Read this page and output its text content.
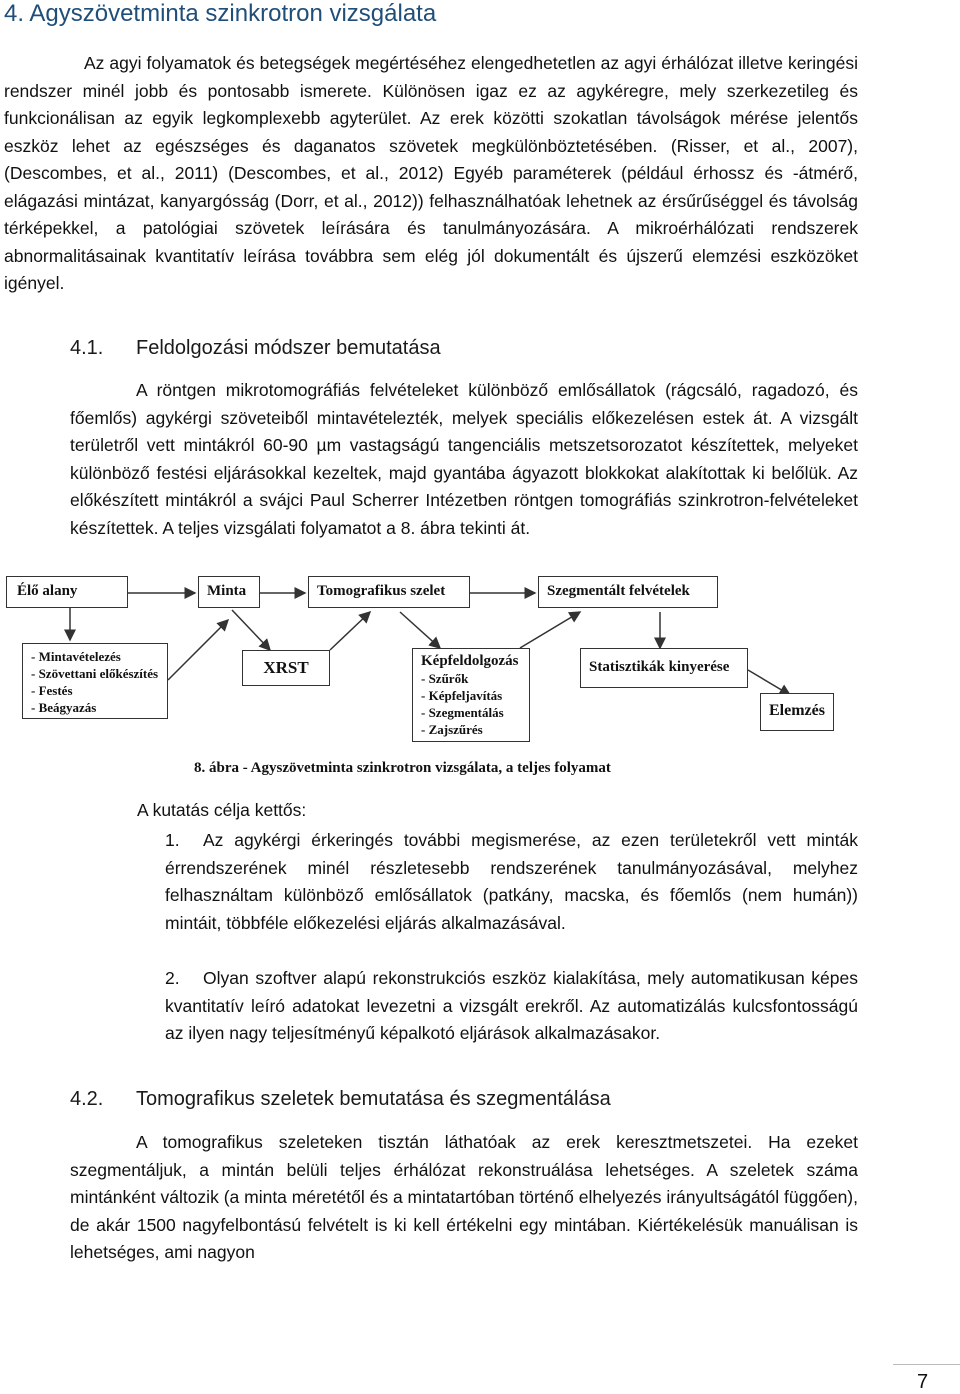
4. Agyszövetminta szinkrotron vizsgálata

Az agyi folyamatok és betegségek megértéséhez elengedhetetlen az agyi érhálózat illetve keringési rendszer minél jobb és pontosabb ismerete. Különösen igaz ez az agykéregre, mely szerkezetileg és funkcionálisan az egyik legkomplexebb agyterület. Az erek közötti szokatlan távolságok mérése jelentős eszköz lehet az egészséges és daganatos szövetek megkülönböztetésében. (Risser, et al., 2007), (Descombes, et al., 2011) (Descombes, et al., 2012) Egyéb paraméterek (például érhossz és -átmérő, elágazási mintázat, kanyargósság (Dorr, et al., 2012)) felhasználhatóak lehetnek az érsűrűséggel és távolság térképekkel, a patológiai szövetek leírására és tanulmányozására. A mikroérhálózati rendszerek abnormalitásainak kvantitatív leírása továbbra sem elég jól dokumentált és újszerű elemzési eszközöket igényel.

4.1. Feldolgozási módszer bemutatása

A röntgen mikrotomográfiás felvételeket különböző emlősállatok (rágcsáló, ragadozó, és főemlős) agykérgi szöveteiből mintavételezték, melyek speciális előkezelésen estek át. A vizsgált területről vett mintákról 60-90 µm vastagságú tangenciális metszetsorozatot készítettek, melyeket különböző festési eljárásokkal kezeltek, majd gyantába ágyazott blokkokat alakítottak ki belőlük. Az előkészített mintákról a svájci Paul Scherrer Intézetben röntgen tomográfiás szinkrotron-felvételeket készítettek. A teljes vizsgálati folyamatot a 8. ábra tekinti át.

Élő alany	Minta	Tomografikus szelet	Szegmentált felvételek
- Mintavételezés
- Szövettani előkészítés
- Festés
- Beágyazás
XRST	Képfeldolgozás
- Szűrők
- Képfeljavítás
- Szegmentálás
- Zajszűrés
Statisztikák kinyerése
Elemzés
8. ábra - Agyszövetminta szinkrotron vizsgálata, a teljes folyamat
A kutatás célja kettős:

1. Az agykérgi érkeringés további megismerése, az ezen területekről vett minták érrendszerének minél részletesebb rendszerének tanulmányozásával, melyhez felhasználtam különböző emlősállatok (patkány, macska, és főemlős (nem humán)) mintáit, többféle előkezelési eljárás alkalmazásával.

2. Olyan szoftver alapú rekonstrukciós eszköz kialakítása, mely automatikusan képes kvantitatív leíró adatokat levezetni a vizsgált erekről. Az automatizálás kulcsfontosságú az ilyen nagy teljesítményű képalkotó eljárások alkalmazásakor.

4.2. Tomografikus szeletek bemutatása és szegmentálása

A tomografikus szeleteken tisztán láthatóak az erek keresztmetszetei. Ha ezeket szegmentáljuk, a mintán belüli teljes érhálózat rekonstruálása lehetséges. A szeletek száma mintánként változik (a minta méretétől és a mintatartóban történő elhelyezés irányultságától függően), de akár 1500 nagyfelbontású felvételt is ki kell értékelni egy mintában. Kiértékelésük manuálisan is lehetséges, ami nagyon

7
